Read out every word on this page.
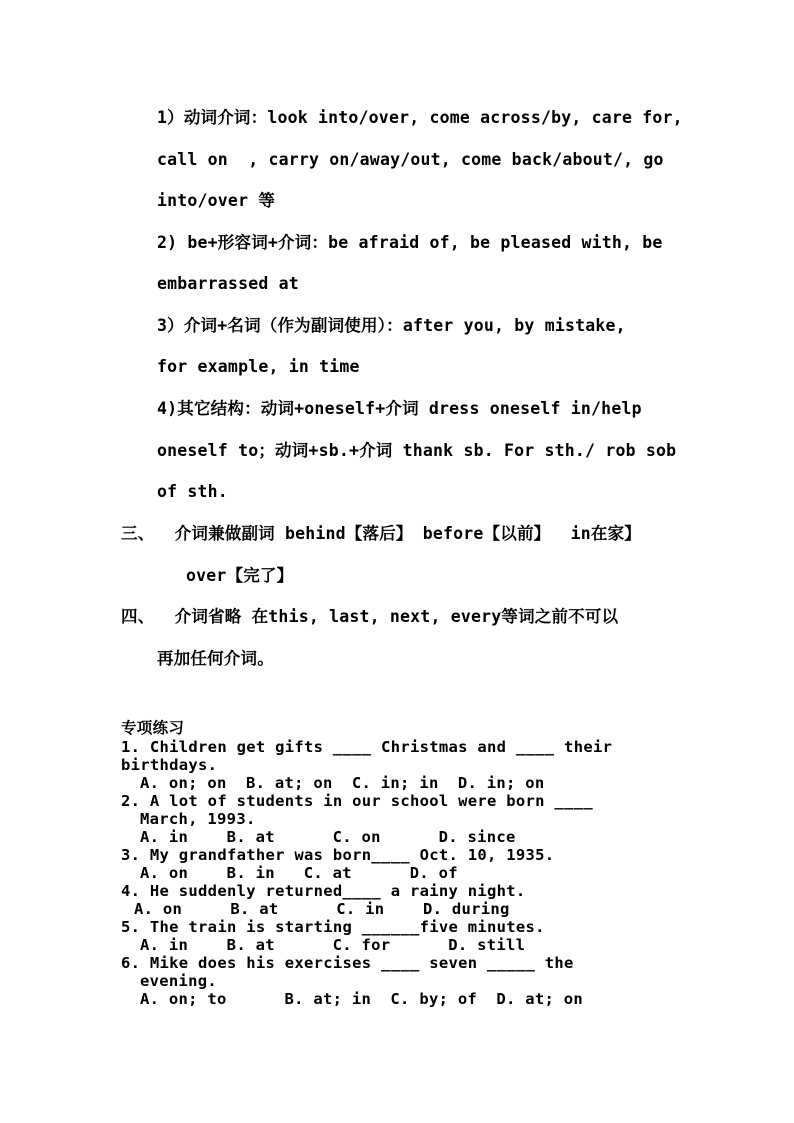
1）动词介词：look into/over, come across/by, care for,
call on  , carry on/away/out, come back/about/, go
into/over 等
2) be+形容词+介词：be afraid of, be pleased with, be
embarrassed at
3）介词+名词（作为副词使用）：after you, by mistake,
for example, in time
4)其它结构：动词+oneself+介词 dress oneself in/help
oneself to；动词+sb.+介词 thank sb. For sth./ rob sob
of sth.
三、  介词兼做副词 behind【落后】 before【以前】  in在家】
over【完了】
四、  介词省略 在this, last, next, every等词之前不可以
再加任何介词。
专项练习
1. Children get gifts ____ Christmas and ____ their
birthdays.
A. on; on  B. at; on  C. in; in  D. in; on
2. A lot of students in our school were born ____
March, 1993.
A. in    B. at      C. on      D. since
3. My grandfather was born____ Oct. 10, 1935.
A. on    B. in   C. at      D. of
4. He suddenly returned____ a rainy night.
A. on     B. at      C. in    D. during
5. The train is starting ______five minutes.
A. in    B. at      C. for      D. still
6. Mike does his exercises ____ seven _____ the
evening.
A. on; to      B. at; in  C. by; of  D. at; on
